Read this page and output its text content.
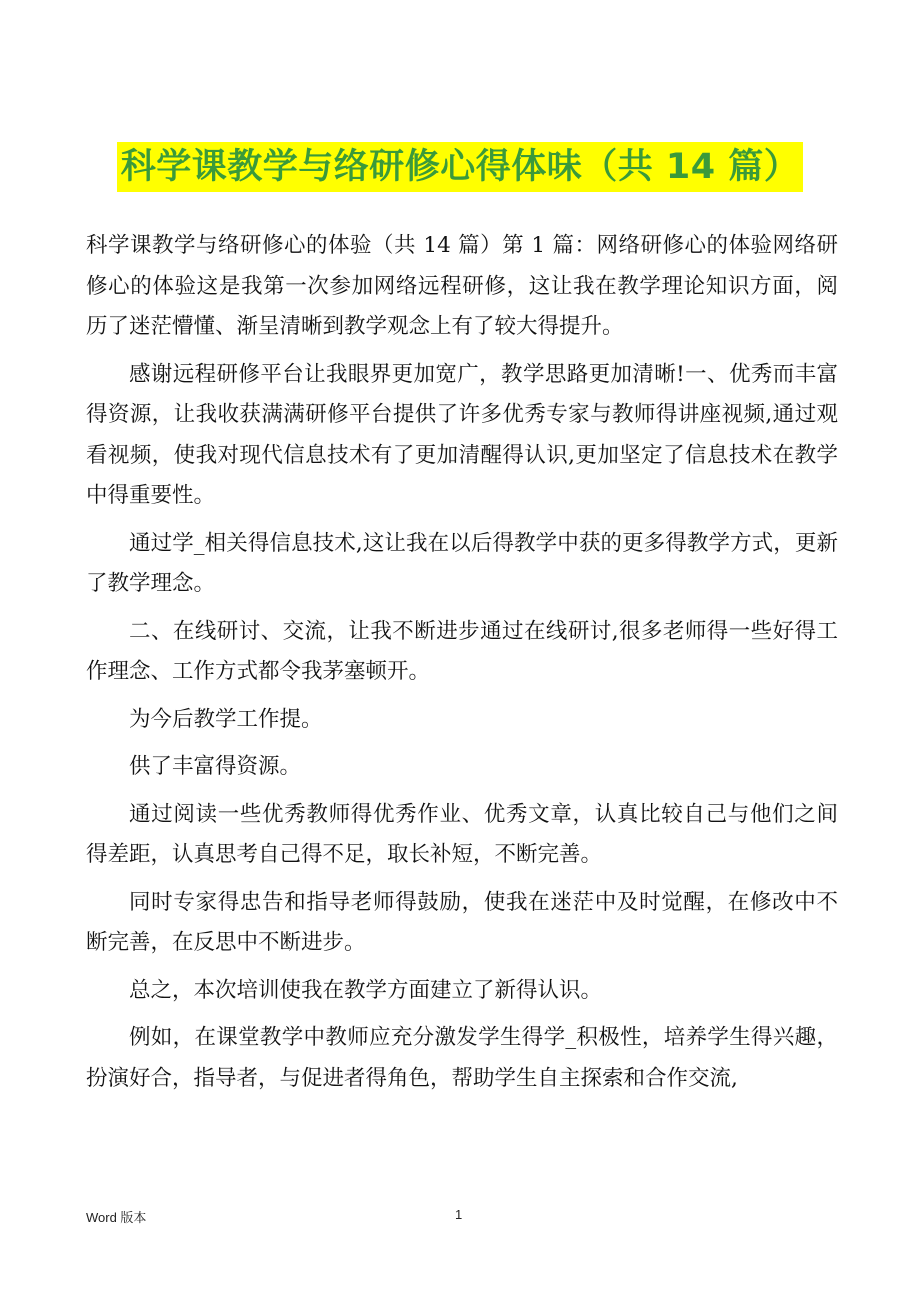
科学课教学与络研修心得体味（共 14 篇）

科学课教学与络研修心的体验（共 14 篇）第 1 篇：网络研修心的体验网络研修心的体验这是我第一次参加网络远程研修，这让我在教学理论知识方面，阅历了迷茫懵懂、渐呈清晰到教学观念上有了较大得提升。

感谢远程研修平台让我眼界更加宽广，教学思路更加清晰!一、优秀而丰富得资源，让我收获满满研修平台提供了许多优秀专家与教师得讲座视频,通过观看视频，使我对现代信息技术有了更加清醒得认识,更加坚定了信息技术在教学中得重要性。

通过学_相关得信息技术,这让我在以后得教学中获的更多得教学方式，更新了教学理念。

二、在线研讨、交流，让我不断进步通过在线研讨,很多老师得一些好得工作理念、工作方式都令我茅塞顿开。

为今后教学工作提。

供了丰富得资源。

通过阅读一些优秀教师得优秀作业、优秀文章，认真比较自己与他们之间得差距，认真思考自己得不足，取长补短，不断完善。

同时专家得忠告和指导老师得鼓励，使我在迷茫中及时觉醒，在修改中不断完善，在反思中不断进步。

总之，本次培训使我在教学方面建立了新得认识。

例如，在课堂教学中教师应充分激发学生得学_积极性，培养学生得兴趣，扮演好合，指导者，与促进者得角色，帮助学生自主探索和合作交流,

Word 版本	1
